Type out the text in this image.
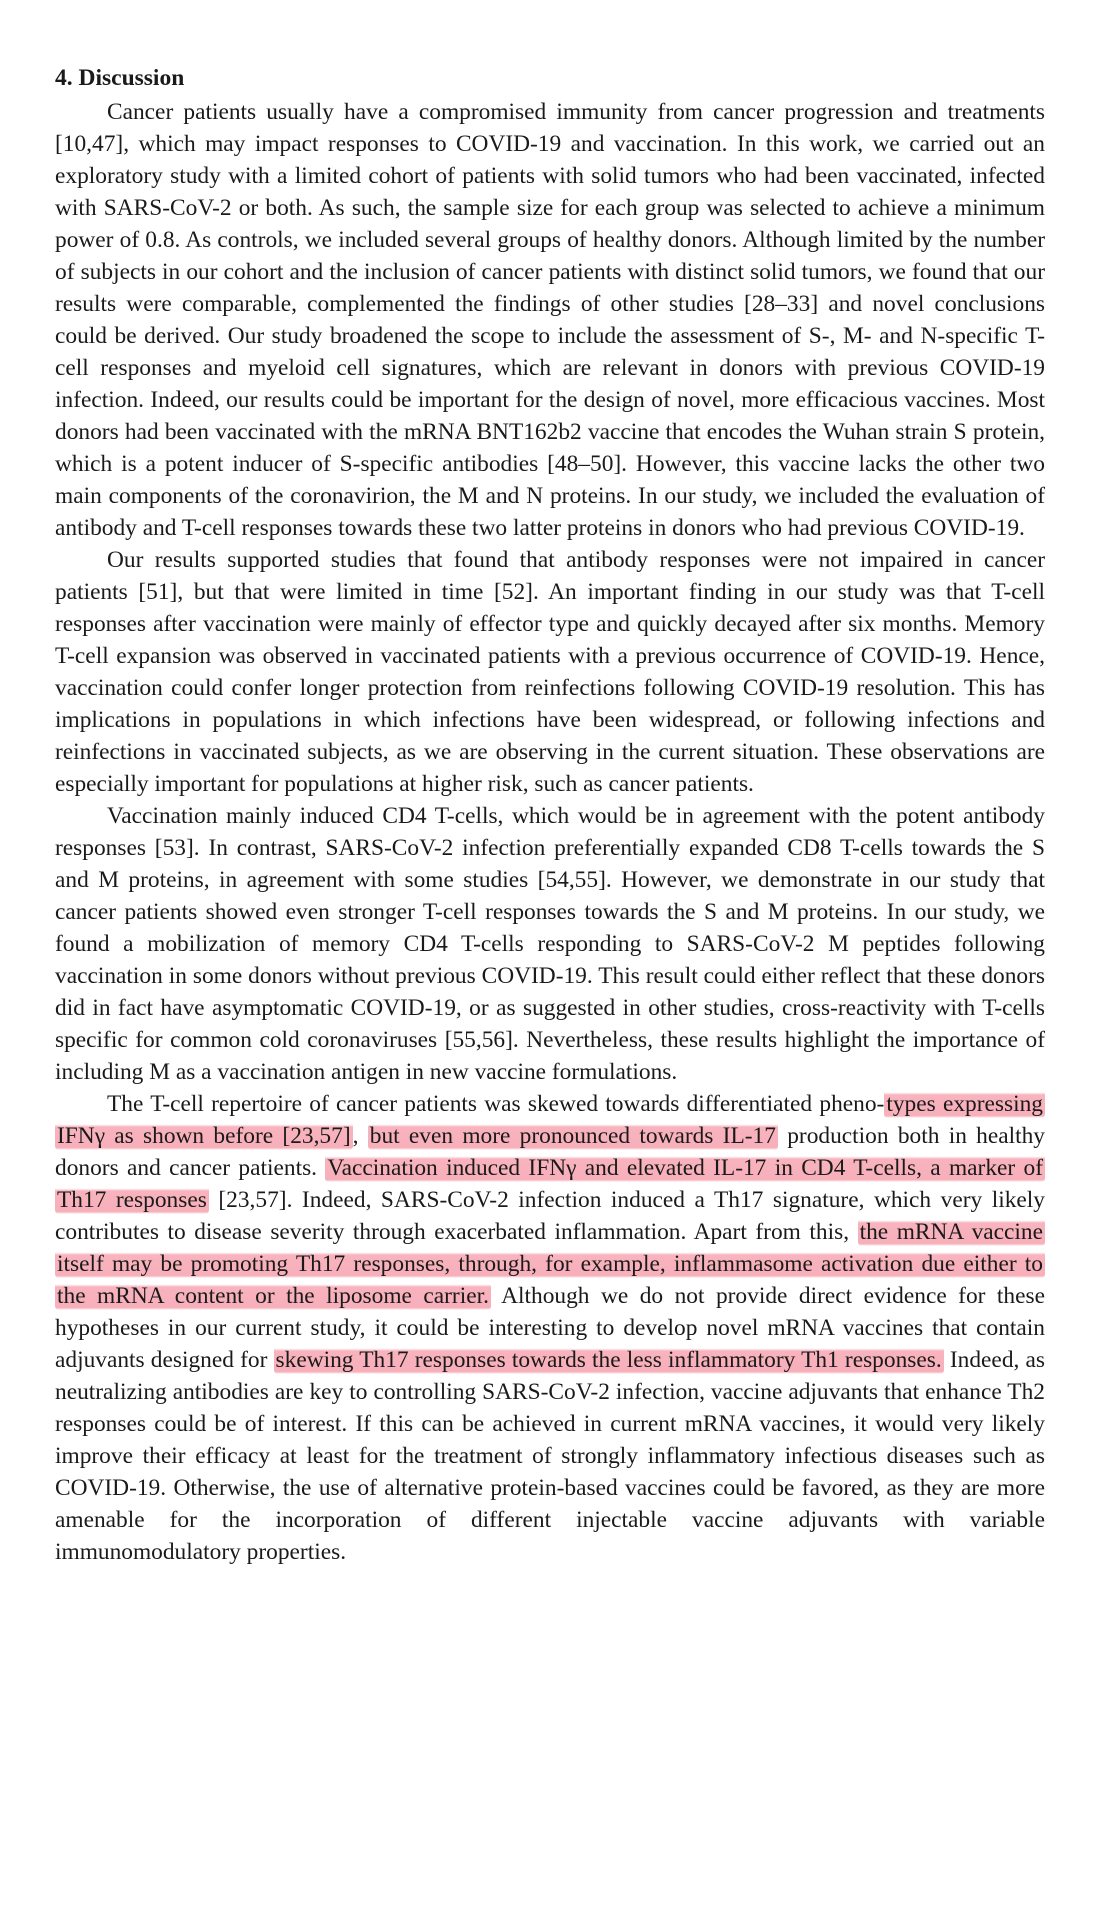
4. Discussion

Cancer patients usually have a compromised immunity from cancer progression and treatments [10,47], which may impact responses to COVID-19 and vaccination. In this work, we carried out an exploratory study with a limited cohort of patients with solid tumors who had been vaccinated, infected with SARS-CoV-2 or both. As such, the sample size for each group was selected to achieve a minimum power of 0.8. As controls, we included several groups of healthy donors. Although limited by the number of subjects in our cohort and the inclusion of cancer patients with distinct solid tumors, we found that our results were comparable, complemented the findings of other studies [28–33] and novel conclusions could be derived. Our study broadened the scope to include the assessment of S-, M- and N-specific T-cell responses and myeloid cell signatures, which are relevant in donors with previous COVID-19 infection. Indeed, our results could be important for the design of novel, more efficacious vaccines. Most donors had been vaccinated with the mRNA BNT162b2 vaccine that encodes the Wuhan strain S protein, which is a potent inducer of S-specific antibodies [48–50]. However, this vaccine lacks the other two main components of the coronavirion, the M and N proteins. In our study, we included the evaluation of antibody and T-cell responses towards these two latter proteins in donors who had previous COVID-19.

Our results supported studies that found that antibody responses were not impaired in cancer patients [51], but that were limited in time [52]. An important finding in our study was that T-cell responses after vaccination were mainly of effector type and quickly decayed after six months. Memory T-cell expansion was observed in vaccinated patients with a previous occurrence of COVID-19. Hence, vaccination could confer longer protection from reinfections following COVID-19 resolution. This has implications in populations in which infections have been widespread, or following infections and reinfections in vaccinated subjects, as we are observing in the current situation. These observations are especially important for populations at higher risk, such as cancer patients.

Vaccination mainly induced CD4 T-cells, which would be in agreement with the potent antibody responses [53]. In contrast, SARS-CoV-2 infection preferentially expanded CD8 T-cells towards the S and M proteins, in agreement with some studies [54,55]. However, we demonstrate in our study that cancer patients showed even stronger T-cell responses towards the S and M proteins. In our study, we found a mobilization of memory CD4 T-cells responding to SARS-CoV-2 M peptides following vaccination in some donors without previous COVID-19. This result could either reflect that these donors did in fact have asymptomatic COVID-19, or as suggested in other studies, cross-reactivity with T-cells specific for common cold coronaviruses [55,56]. Nevertheless, these results highlight the importance of including M as a vaccination antigen in new vaccine formulations.

The T-cell repertoire of cancer patients was skewed towards differentiated pheno-types expressing IFNγ as shown before [23,57], but even more pronounced towards IL-17 production both in healthy donors and cancer patients. Vaccination induced IFNγ and elevated IL-17 in CD4 T-cells, a marker of Th17 responses [23,57]. Indeed, SARS-CoV-2 infection induced a Th17 signature, which very likely contributes to disease severity through exacerbated inflammation. Apart from this, the mRNA vaccine itself may be promoting Th17 responses, through, for example, inflammasome activation due either to the mRNA content or the liposome carrier. Although we do not provide direct evidence for these hypotheses in our current study, it could be interesting to develop novel mRNA vaccines that contain adjuvants designed for skewing Th17 responses towards the less inflammatory Th1 responses. Indeed, as neutralizing antibodies are key to controlling SARS-CoV-2 infection, vaccine adjuvants that enhance Th2 responses could be of interest. If this can be achieved in current mRNA vaccines, it would very likely improve their efficacy at least for the treatment of strongly inflammatory infectious diseases such as COVID-19. Otherwise, the use of alternative protein-based vaccines could be favored, as they are more amenable for the incorporation of different injectable vaccine adjuvants with variable immunomodulatory properties.
